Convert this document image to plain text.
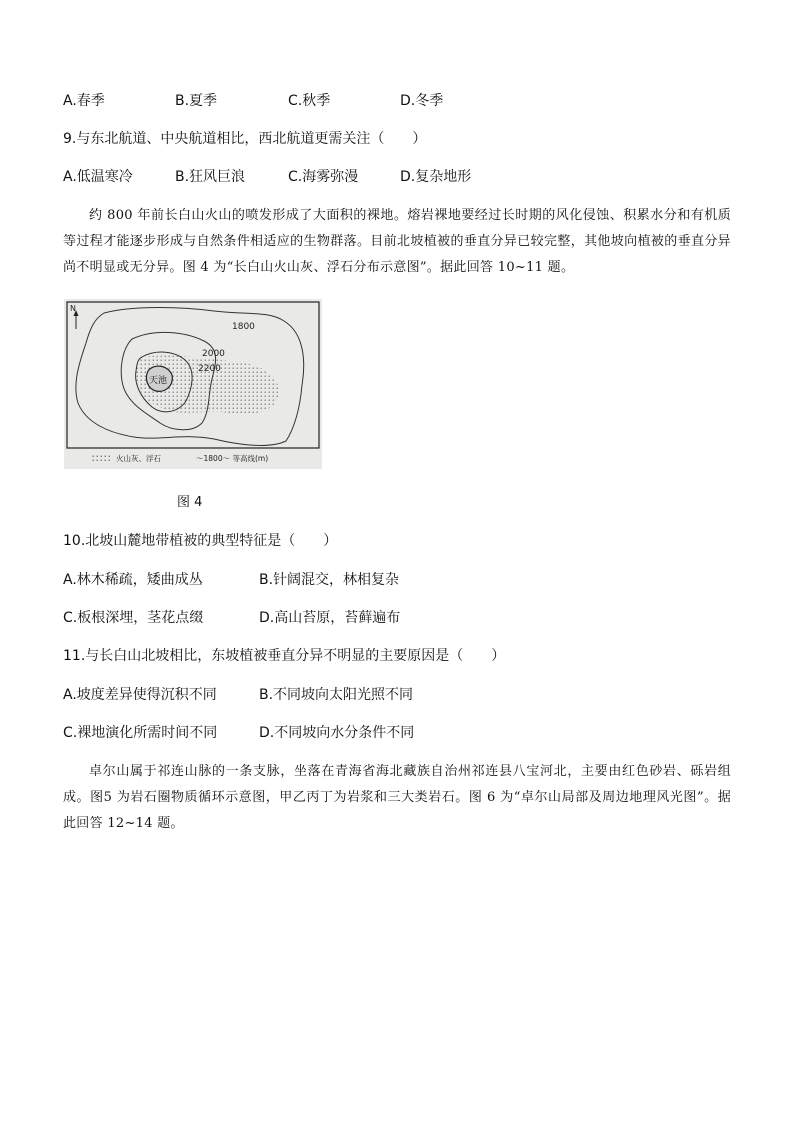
A.春季	B.夏季	C.秋季	D.冬季
9.与东北航道、中央航道相比，西北航道更需关注（　　）
A.低温寒冷	B.狂风巨浪	C.海雾弥漫	D.复杂地形
约 800 年前长白山火山的喷发形成了大面积的裸地。熔岩裸地要经过长时期的风化侵蚀、积累水分和有机质等过程才能逐步形成与自然条件相适应的生物群落。目前北坡植被的垂直分异已较完整，其他坡向植被的垂直分异尚不明显或无分异。图 4 为“长白山火山灰、浮石分布示意图”。据此回答 10~11 题。
N
1800
2000
2200
天池
火山灰、浮石	～1800～ 等高线(m)
图 4
10.北坡山麓地带植被的典型特征是（　　）
A.林木稀疏，矮曲成丛	B.针阔混交，林相复杂
C.板根深埋，茎花点缀	D.高山苔原，苔藓遍布
11.与长白山北坡相比，东坡植被垂直分异不明显的主要原因是（　　）
A.坡度差异使得沉积不同	B.不同坡向太阳光照不同
C.裸地演化所需时间不同	D.不同坡向水分条件不同
卓尔山属于祁连山脉的一条支脉，坐落在青海省海北藏族自治州祁连县八宝河北，主要由红色砂岩、砾岩组成。图5 为岩石圈物质循环示意图，甲乙丙丁为岩浆和三大类岩石。图 6 为“卓尔山局部及周边地理风光图”。据此回答 12~14 题。
